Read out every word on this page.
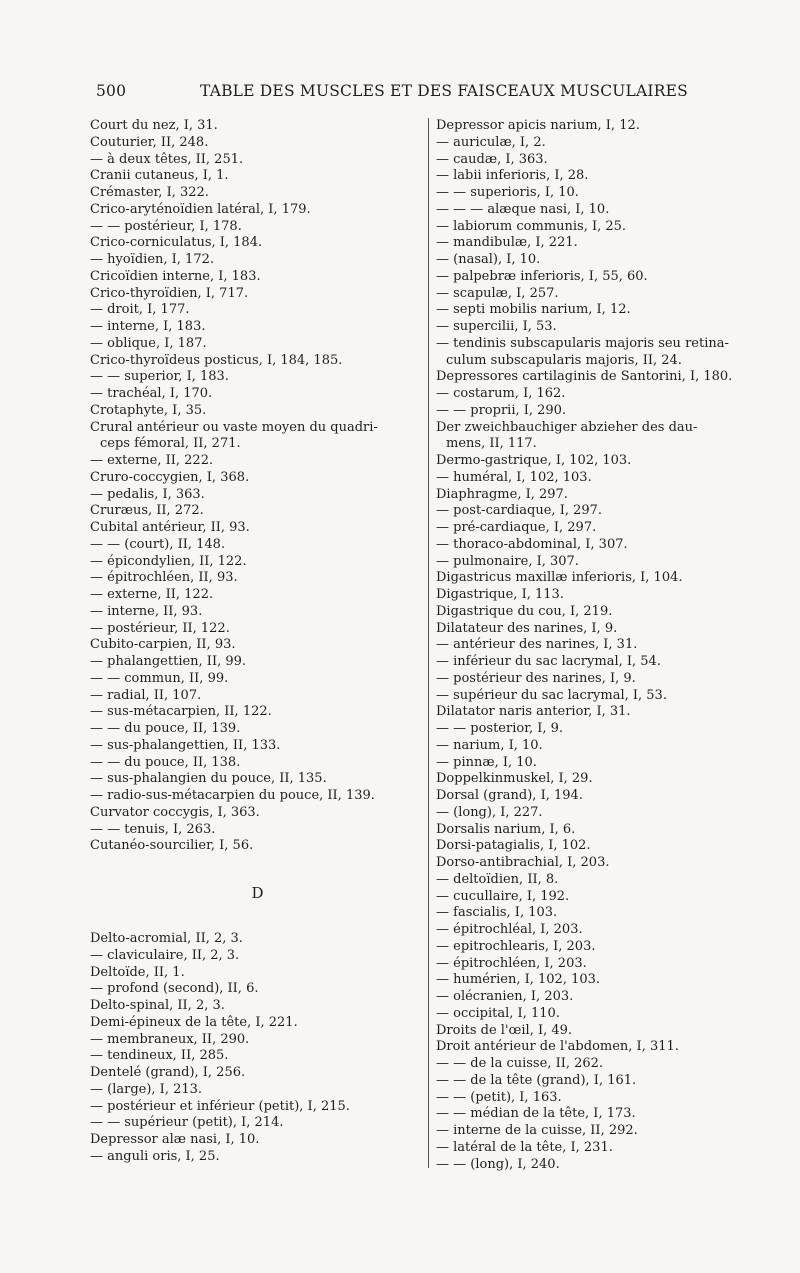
500	TABLE DES MUSCLES ET DES FAISCEAUX MUSCULAIRES
Court du nez, I, 31.
Couturier, II, 248.
— à deux têtes, II, 251.
Cranii cutaneus, I, 1.
Crémaster, I, 322.
Crico-aryténoïdien latéral, I, 179.
— — postérieur, I, 178.
Crico-corniculatus, I, 184.
— hyoïdien, I, 172.
Cricoïdien interne, I, 183.
Crico-thyroïdien, I, 717.
— droit, I, 177.
— interne, I, 183.
— oblique, I, 187.
Crico-thyroïdeus posticus, I, 184, 185.
— — superior, I, 183.
— trachéal, I, 170.
Crotaphyte, I, 35.
Crural antérieur ou vaste moyen du quadri-
ceps fémoral, II, 271.
— externe, II, 222.
Cruro-coccygien, I, 368.
— pedalis, I, 363.
Cruræus, II, 272.
Cubital antérieur, II, 93.
— — (court), II, 148.
— épicondylien, II, 122.
— épitrochléen, II, 93.
— externe, II, 122.
— interne, II, 93.
— postérieur, II, 122.
Cubito-carpien, II, 93.
— phalangettien, II, 99.
— — commun, II, 99.
— radial, II, 107.
— sus-métacarpien, II, 122.
— — du pouce, II, 139.
— sus-phalangettien, II, 133.
— — du pouce, II, 138.
— sus-phalangien du pouce, II, 135.
— radio-sus-métacarpien du pouce, II, 139.
Curvator coccygis, I, 363.
— — tenuis, I, 263.
Cutanéo-sourcilier, I, 56.
D
Delto-acromial, II, 2, 3.
— claviculaire, II, 2, 3.
Deltoïde, II, 1.
— profond (second), II, 6.
Delto-spinal, II, 2, 3.
Demi-épineux de la tête, I, 221.
— membraneux, II, 290.
— tendineux, II, 285.
Dentelé (grand), I, 256.
— (large), I, 213.
— postérieur et inférieur (petit), I, 215.
— — supérieur (petit), I, 214.
Depressor alæ nasi, I, 10.
— anguli oris, I, 25.
Depressor apicis narium, I, 12.
— auriculæ, I, 2.
— caudæ, I, 363.
— labii inferioris, I, 28.
— — superioris, I, 10.
— — — alæque nasi, I, 10.
— labiorum communis, I, 25.
— mandibulæ, I, 221.
— (nasal), I, 10.
— palpebræ inferioris, I, 55, 60.
— scapulæ, I, 257.
— septi mobilis narium, I, 12.
— supercilii, I, 53.
— tendinis subscapularis majoris seu retina-
culum subscapularis majoris, II, 24.
Depressores cartilaginis de Santorini, I, 180.
— costarum, I, 162.
— — proprii, I, 290.
Der zweichbauchiger abzieher des dau-
mens, II, 117.
Dermo-gastrique, I, 102, 103.
— huméral, I, 102, 103.
Diaphragme, I, 297.
— post-cardiaque, I, 297.
— pré-cardiaque, I, 297.
— thoraco-abdominal, I, 307.
— pulmonaire, I, 307.
Digastricus maxillæ inferioris, I, 104.
Digastrique, I, 113.
Digastrique du cou, I, 219.
Dilatateur des narines, I, 9.
— antérieur des narines, I, 31.
— inférieur du sac lacrymal, I, 54.
— postérieur des narines, I, 9.
— supérieur du sac lacrymal, I, 53.
Dilatator naris anterior, I, 31.
— — posterior, I, 9.
— narium, I, 10.
— pinnæ, I, 10.
Doppelkinmuskel, I, 29.
Dorsal (grand), I, 194.
— (long), I, 227.
Dorsalis narium, I, 6.
Dorsi-patagialis, I, 102.
Dorso-antibrachial, I, 203.
— deltoïdien, II, 8.
— cucullaire, I, 192.
— fascialis, I, 103.
— épitrochléal, I, 203.
— epitrochlearis, I, 203.
— épitrochléen, I, 203.
— humérien, I, 102, 103.
— olécranien, I, 203.
— occipital, I, 110.
Droits de l'œil, I, 49.
Droit antérieur de l'abdomen, I, 311.
— — de la cuisse, II, 262.
— — de la tête (grand), I, 161.
— — (petit), I, 163.
— — médian de la tête, I, 173.
— interne de la cuisse, II, 292.
— latéral de la tête, I, 231.
— — (long), I, 240.
